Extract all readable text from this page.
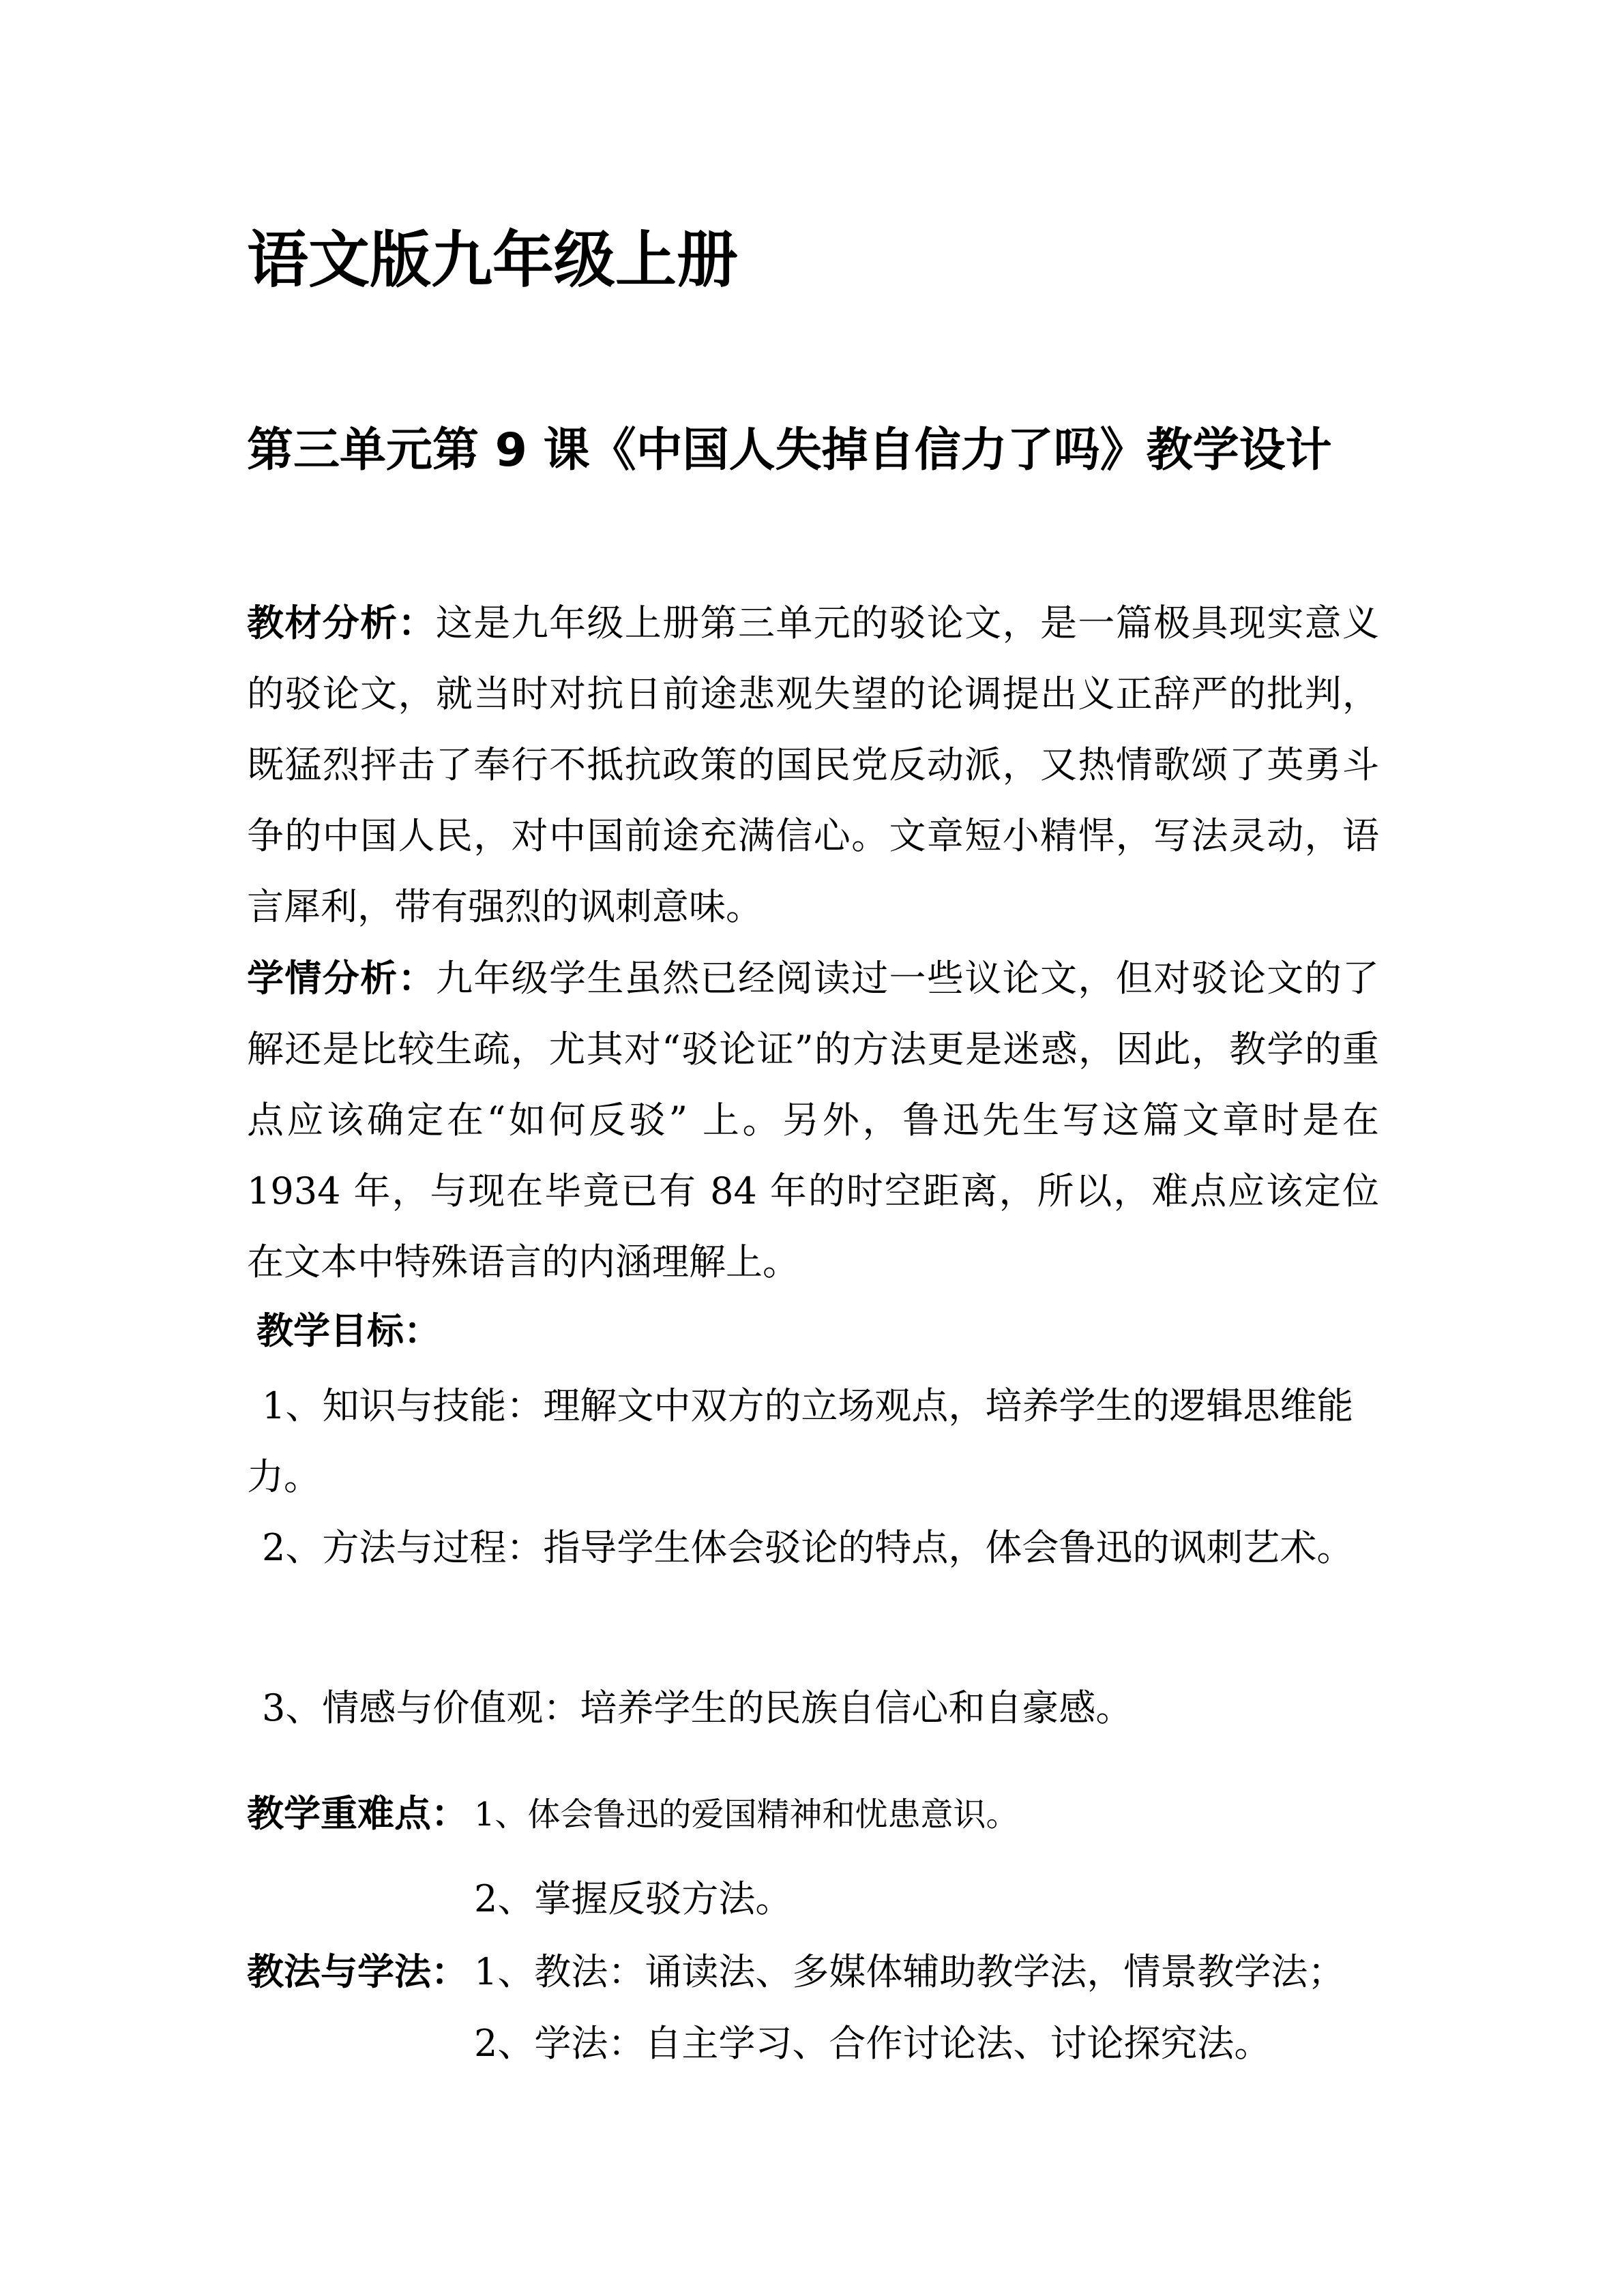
语文版九年级上册
第三单元第 9 课《中国人失掉自信力了吗》教学设计
教材分析：这是九年级上册第三单元的驳论文，是一篇极具现实意义的驳论文，就当时对抗日前途悲观失望的论调提出义正辞严的批判，既猛烈抨击了奉行不抵抗政策的国民党反动派，又热情歌颂了英勇斗争的中国人民，对中国前途充满信心。文章短小精悍，写法灵动，语言犀利，带有强烈的讽刺意味。
学情分析：九年级学生虽然已经阅读过一些议论文，但对驳论文的了解还是比较生疏，尤其对“驳论证”的方法更是迷惑，因此，教学的重点应该确定在“如何反驳” 上。另外，鲁迅先生写这篇文章时是在 1934 年，与现在毕竟已有 84 年的时空距离，所以，难点应该定位在文本中特殊语言的内涵理解上。
教学目标：
1、知识与技能：理解文中双方的立场观点，培养学生的逻辑思维能力。
2、方法与过程：指导学生体会驳论的特点，体会鲁迅的讽刺艺术。
3、情感与价值观：培养学生的民族自信心和自豪感。
教学重难点： 1、体会鲁迅的爱国精神和忧患意识。
2、掌握反驳方法。
教法与学法： 1、教法：诵读法、多媒体辅助教学法，情景教学法；
2、学法：自主学习、合作讨论法、讨论探究法。
